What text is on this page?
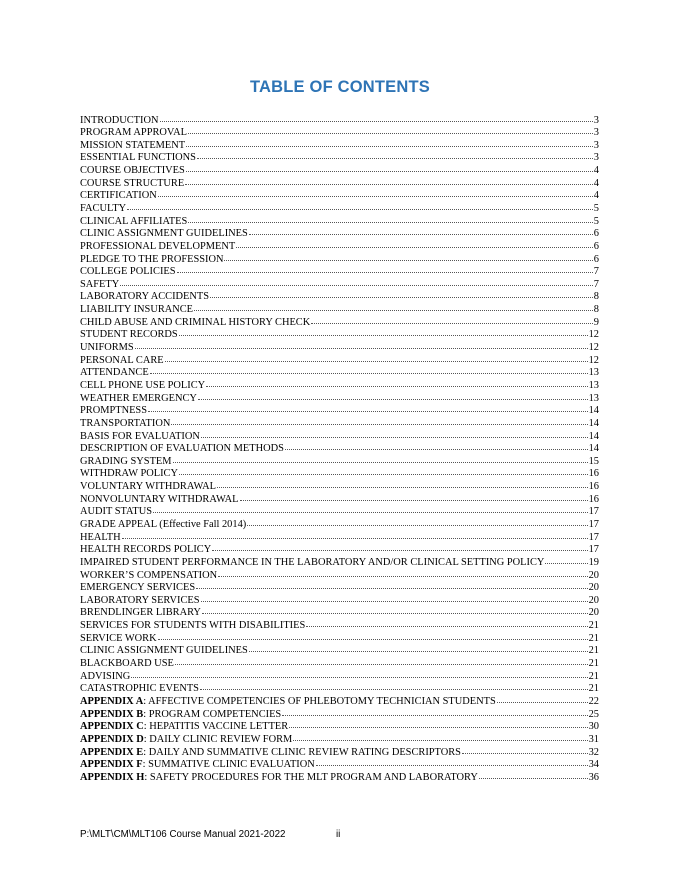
TABLE OF CONTENTS
INTRODUCTION	3
PROGRAM APPROVAL	3
MISSION STATEMENT	3
ESSENTIAL FUNCTIONS	3
COURSE OBJECTIVES	4
COURSE STRUCTURE	4
CERTIFICATION	4
FACULTY	5
CLINICAL AFFILIATES	5
CLINIC ASSIGNMENT GUIDELINES	6
PROFESSIONAL DEVELOPMENT	6
PLEDGE TO THE PROFESSION	6
COLLEGE POLICIES	7
SAFETY	7
LABORATORY ACCIDENTS	8
LIABILITY INSURANCE	8
CHILD ABUSE AND CRIMINAL HISTORY CHECK	9
STUDENT RECORDS	12
UNIFORMS	12
PERSONAL CARE	12
ATTENDANCE	13
CELL PHONE USE POLICY	13
WEATHER EMERGENCY	13
PROMPTNESS	14
TRANSPORTATION	14
BASIS FOR EVALUATION	14
DESCRIPTION OF EVALUATION METHODS	14
GRADING SYSTEM	15
WITHDRAW POLICY	16
VOLUNTARY WITHDRAWAL	16
NONVOLUNTARY WITHDRAWAL	16
AUDIT STATUS	17
GRADE APPEAL (Effective Fall 2014)	17
HEALTH	17
HEALTH RECORDS POLICY	17
IMPAIRED STUDENT PERFORMANCE IN THE LABORATORY AND/OR CLINICAL SETTING POLICY	19
WORKER’S COMPENSATION	20
EMERGENCY SERVICES	20
LABORATORY SERVICES	20
BRENDLINGER LIBRARY	20
SERVICES FOR STUDENTS WITH DISABILITIES	21
SERVICE WORK	21
CLINIC ASSIGNMENT GUIDELINES	21
BLACKBOARD USE	21
ADVISING	21
CATASTROPHIC EVENTS	21
APPENDIX A: AFFECTIVE COMPETENCIES OF PHLEBOTOMY TECHNICIAN STUDENTS	22
APPENDIX B: PROGRAM COMPETENCIES	25
APPENDIX C: HEPATITIS VACCINE LETTER	30
APPENDIX D: DAILY CLINIC REVIEW FORM	31
APPENDIX E: DAILY AND SUMMATIVE CLINIC REVIEW RATING DESCRIPTORS	32
APPENDIX F: SUMMATIVE CLINIC EVALUATION	34
APPENDIX H: SAFETY PROCEDURES FOR THE MLT PROGRAM AND LABORATORY	36
P:\MLT\CM\MLT106 Course Manual 2021-2022	ii
